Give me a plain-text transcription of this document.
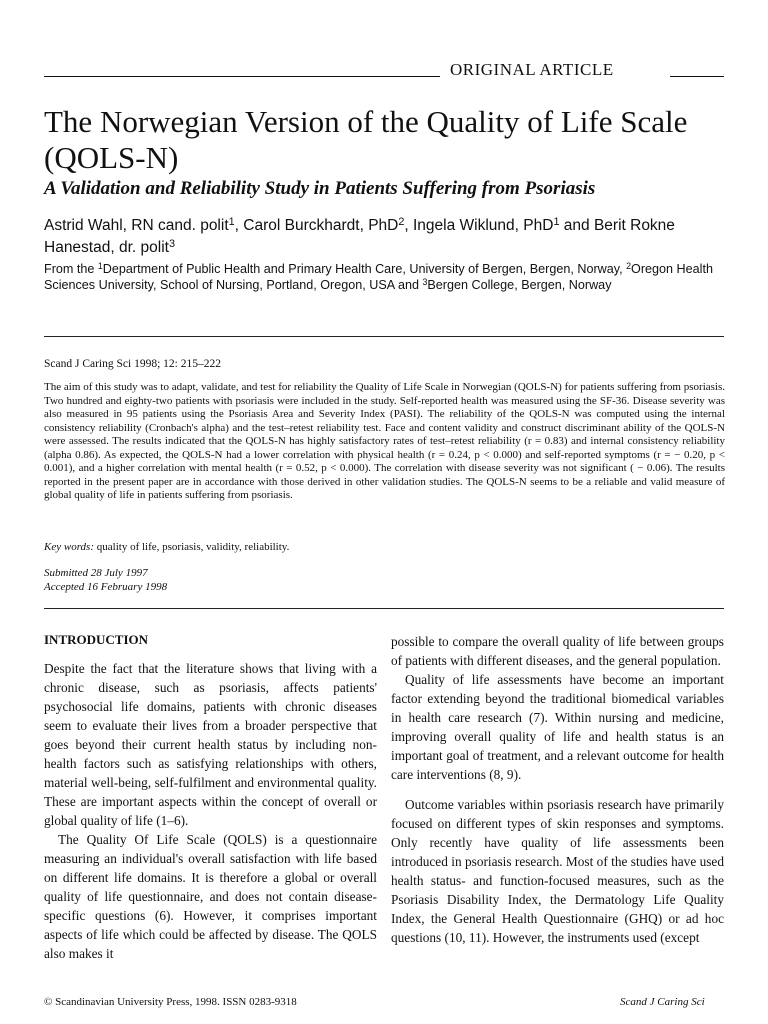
ORIGINAL ARTICLE
The Norwegian Version of the Quality of Life Scale (QOLS-N)
A Validation and Reliability Study in Patients Suffering from Psoriasis
Astrid Wahl, RN cand. polit$^1$, Carol Burckhardt, PhD$^2$, Ingela Wiklund, PhD$^1$ and Berit Rokne Hanestad, dr. polit$^3$
From the $^1$Department of Public Health and Primary Health Care, University of Bergen, Bergen, Norway, $^2$Oregon Health Sciences University, School of Nursing, Portland, Oregon, USA and $^3$Bergen College, Bergen, Norway
Scand J Caring Sci 1998; 12: 215–222

The aim of this study was to adapt, validate, and test for reliability the Quality of Life Scale in Norwegian (QOLS-N) for patients suffering from psoriasis. Two hundred and eighty-two patients with psoriasis were included in the study. Self-reported health was measured using the SF-36. Disease severity was also measured in 95 patients using the Psoriasis Area and Severity Index (PASI). The reliability of the QOLS-N was computed using the internal consistency reliability (Cronbach's alpha) and the test–retest reliability test. Face and content validity and construct discriminant ability of the QOLS-N were assessed. The results indicated that the QOLS-N has highly satisfactory rates of test–retest reliability (r = 0.83) and internal consistency reliability (alpha 0.86). As expected, the QOLS-N had a lower correlation with physical health (r = 0.24, p < 0.000) and self-reported symptoms (r = − 0.20, p < 0.001), and a higher correlation with mental health (r = 0.52, p < 0.000). The correlation with disease severity was not significant ( − 0.06). The results reported in the present paper are in accordance with those derived in other validation studies. The QOLS-N seems to be a reliable and valid measure of global quality of life in patients suffering from psoriasis.

Key words: quality of life, psoriasis, validity, reliability.
Submitted 28 July 1997
Accepted 16 February 1998
INTRODUCTION

Despite the fact that the literature shows that living with a chronic disease, such as psoriasis, affects patients' psychosocial life domains, patients with chronic diseases seem to evaluate their lives from a broader perspective that goes beyond their current health status by including non-health factors such as satisfying relationships with others, material well-being, self-fulfilment and environmental quality. These are important aspects within the concept of overall or global quality of life (1–6).

The Quality Of Life Scale (QOLS) is a questionnaire measuring an individual's overall satisfaction with life based on different life domains. It is therefore a global or overall quality of life questionnaire, and does not contain disease-specific questions (6). However, it comprises important aspects of life which could be affected by disease. The QOLS also makes it

possible to compare the overall quality of life between groups of patients with different diseases, and the general population.

Quality of life assessments have become an important factor extending beyond the traditional biomedical variables in health care research (7). Within nursing and medicine, improving overall quality of life and health status is an important goal of treatment, and a relevant outcome for health care interventions (8, 9).

Outcome variables within psoriasis research have primarily focused on different types of skin responses and symptoms. Only recently have quality of life assessments been introduced in psoriasis research. Most of the studies have used health status- and function-focused measures, such as the Psoriasis Disability Index, the Dermatology Life Quality Index, the General Health Questionnaire (GHQ) or ad hoc questions (10, 11). However, the instruments used (except

© Scandinavian University Press, 1998. ISSN 0283-9318	Scand J Caring Sci
